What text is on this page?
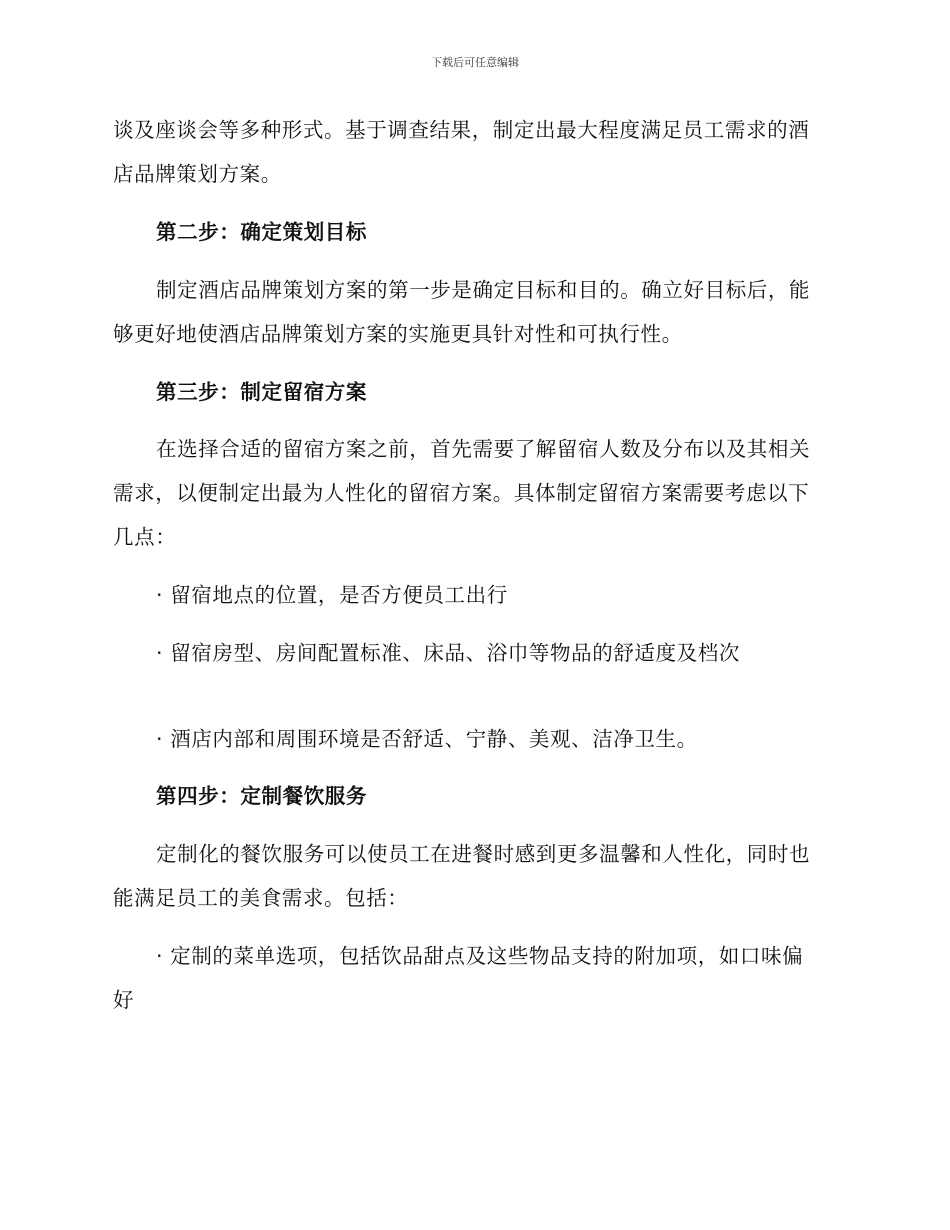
下载后可任意编辑
谈及座谈会等多种形式。基于调查结果，制定出最大程度满足员工需求的酒
店品牌策划方案。
第二步：确定策划目标
制定酒店品牌策划方案的第一步是确定目标和目的。确立好目标后，能
够更好地使酒店品牌策划方案的实施更具针对性和可执行性。
第三步：制定留宿方案
在选择合适的留宿方案之前，首先需要了解留宿人数及分布以及其相关
需求，以便制定出最为人性化的留宿方案。具体制定留宿方案需要考虑以下
几点：
· 留宿地点的位置，是否方便员工出行
· 留宿房型、房间配置标准、床品、浴巾等物品的舒适度及档次
· 酒店内部和周围环境是否舒适、宁静、美观、洁净卫生。
第四步：定制餐饮服务
定制化的餐饮服务可以使员工在进餐时感到更多温馨和人性化，同时也
能满足员工的美食需求。包括：
· 定制的菜单选项，包括饮品甜点及这些物品支持的附加项，如口味偏
好
